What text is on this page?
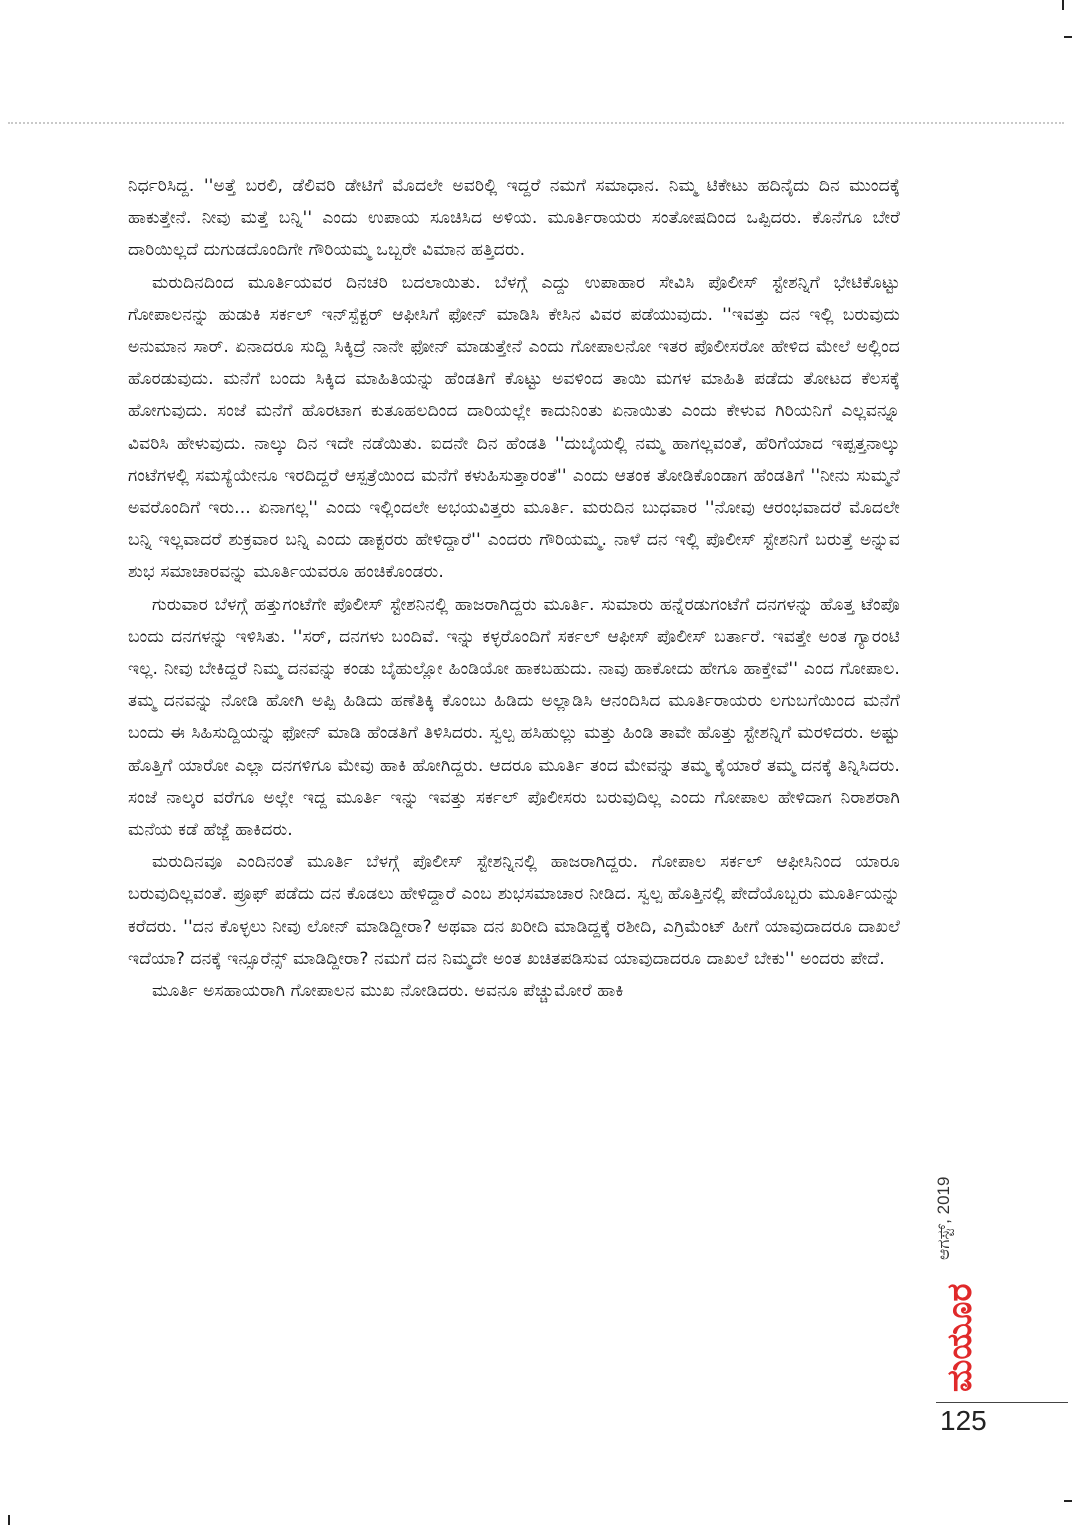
ನಿರ್ಧರಿಸಿದ್ದ. ''ಅತ್ತೆ ಬರಲಿ, ಡೆಲಿವರಿ ಡೇಟಿಗೆ ಮೊದಲೇ ಅವರಿಲ್ಲಿ ಇದ್ದರೆ ನಮಗೆ ಸಮಾಧಾನ. ನಿಮ್ಮ ಟಿಕೇಟು ಹದಿನೈದು ದಿನ ಮುಂದಕ್ಕೆ ಹಾಕುತ್ತೇನೆ. ನೀವು ಮತ್ತೆ ಬನ್ನಿ'' ಎಂದು ಉಪಾಯ ಸೂಚಿಸಿದ ಅಳಿಯ. ಮೂರ್ತಿರಾಯರು ಸಂತೋಷದಿಂದ ಒಪ್ಪಿದರು. ಕೊನೆಗೂ ಬೇರೆ ದಾರಿಯಿಲ್ಲದೆ ದುಗುಡದೊಂದಿಗೇ ಗೌರಿಯಮ್ಮ ಒಬ್ಬರೇ ವಿಮಾನ ಹತ್ತಿದರು.

ಮರುದಿನದಿಂದ ಮೂರ್ತಿಯವರ ದಿನಚರಿ ಬದಲಾಯಿತು. ಬೆಳಗ್ಗೆ ಎದ್ದು ಉಪಾಹಾರ ಸೇವಿಸಿ ಪೊಲೀಸ್ ಸ್ಟೇಶನ್ನಿಗೆ ಭೇಟಿಕೊಟ್ಟು ಗೋಪಾಲನನ್ನು ಹುಡುಕಿ ಸರ್ಕಲ್ ಇನ್‌ಸ್ಪೆಕ್ಟರ್ ಆಫೀಸಿಗೆ ಫೋನ್ ಮಾಡಿಸಿ ಕೇಸಿನ ವಿವರ ಪಡೆಯುವುದು. ''ಇವತ್ತು ದನ ಇಲ್ಲಿ ಬರುವುದು ಅನುಮಾನ ಸಾರ್. ಏನಾದರೂ ಸುದ್ದಿ ಸಿಕ್ಕಿದ್ರೆ ನಾನೇ ಫೋನ್ ಮಾಡುತ್ತೇನೆ ಎಂದು ಗೋಪಾಲನೋ ಇತರ ಪೊಲೀಸರೋ ಹೇಳಿದ ಮೇಲೆ ಅಲ್ಲಿಂದ ಹೊರಡುವುದು. ಮನೆಗೆ ಬಂದು ಸಿಕ್ಕಿದ ಮಾಹಿತಿಯನ್ನು ಹೆಂಡತಿಗೆ ಕೊಟ್ಟು ಅವಳಿಂದ ತಾಯಿ ಮಗಳ ಮಾಹಿತಿ ಪಡೆದು ತೋಟದ ಕೆಲಸಕ್ಕೆ ಹೋಗುವುದು. ಸಂಜೆ ಮನೆಗೆ ಹೊರಟಾಗ ಕುತೂಹಲದಿಂದ ದಾರಿಯಲ್ಲೇ ಕಾದುನಿಂತು ಏನಾಯಿತು ಎಂದು ಕೇಳುವ ಗಿರಿಯನಿಗೆ ಎಲ್ಲವನ್ನೂ ವಿವರಿಸಿ ಹೇಳುವುದು. ನಾಲ್ಕು ದಿನ ಇದೇ ನಡೆಯಿತು. ಐದನೇ ದಿನ ಹೆಂಡತಿ ''ದುಬೈಯಲ್ಲಿ ನಮ್ಮ ಹಾಗಲ್ಲವಂತೆ, ಹೆರಿಗೆಯಾದ ಇಪ್ಪತ್ತನಾಲ್ಕು ಗಂಟೆಗಳಲ್ಲಿ ಸಮಸ್ಯೆಯೇನೂ ಇರದಿದ್ದರೆ ಆಸ್ಪತ್ರೆಯಿಂದ ಮನೆಗೆ ಕಳುಹಿಸುತ್ತಾರಂತೆ'' ಎಂದು ಆತಂಕ ತೋಡಿಕೊಂಡಾಗ ಹೆಂಡತಿಗೆ ''ನೀನು ಸುಮ್ಮನೆ ಅವರೊಂದಿಗೆ ಇರು... ಏನಾಗಲ್ಲ'' ಎಂದು ಇಲ್ಲಿಂದಲೇ ಅಭಯವಿತ್ತರು ಮೂರ್ತಿ. ಮರುದಿನ ಬುಧವಾರ ''ನೋವು ಆರಂಭವಾದರೆ ಮೊದಲೇ ಬನ್ನಿ ಇಲ್ಲವಾದರೆ ಶುಕ್ರವಾರ ಬನ್ನಿ ಎಂದು ಡಾಕ್ಟರರು ಹೇಳಿದ್ದಾರೆ'' ಎಂದರು ಗೌರಿಯಮ್ಮ. ನಾಳೆ ದನ ಇಲ್ಲಿ ಪೊಲೀಸ್ ಸ್ಟೇಶನಿಗೆ ಬರುತ್ತೆ ಅನ್ನುವ ಶುಭ ಸಮಾಚಾರವನ್ನು ಮೂರ್ತಿಯವರೂ ಹಂಚಿಕೊಂಡರು.

ಗುರುವಾರ ಬೆಳಗ್ಗೆ ಹತ್ತುಗಂಟೆಗೇ ಪೊಲೀಸ್ ಸ್ಟೇಶನಿನಲ್ಲಿ ಹಾಜರಾಗಿದ್ದರು ಮೂರ್ತಿ. ಸುಮಾರು ಹನ್ನೆರಡುಗಂಟೆಗೆ ದನಗಳನ್ನು ಹೊತ್ತ ಟೆಂಪೊ ಬಂದು ದನಗಳನ್ನು ಇಳಿಸಿತು. ''ಸರ್, ದನಗಳು ಬಂದಿವೆ. ಇನ್ನು ಕಳ್ಳರೊಂದಿಗೆ ಸರ್ಕಲ್ ಆಫೀಸ್ ಪೊಲೀಸ್ ಬರ್ತಾರೆ. ಇವತ್ತೇ ಅಂತ ಗ್ಯಾರಂಟಿ ಇಲ್ಲ. ನೀವು ಬೇಕಿದ್ದರೆ ನಿಮ್ಮ ದನವನ್ನು ಕಂಡು ಬೈಹುಲ್ಲೋ ಹಿಂಡಿಯೋ ಹಾಕಬಹುದು. ನಾವು ಹಾಕೋದು ಹೇಗೂ ಹಾಕ್ತೇವೆ'' ಎಂದ ಗೋಪಾಲ. ತಮ್ಮ ದನವನ್ನು ನೋಡಿ ಹೋಗಿ ಅಪ್ಪಿ ಹಿಡಿದು ಹಣೆತಿಕ್ಕಿ ಕೊಂಬು ಹಿಡಿದು ಅಲ್ಲಾಡಿಸಿ ಆನಂದಿಸಿದ ಮೂರ್ತಿರಾಯರು ಲಗುಬಗೆಯಿಂದ ಮನೆಗೆ ಬಂದು ಈ ಸಿಹಿಸುದ್ದಿಯನ್ನು ಫೋನ್ ಮಾಡಿ ಹೆಂಡತಿಗೆ ತಿಳಿಸಿದರು. ಸ್ವಲ್ಪ ಹಸಿಹುಲ್ಲು ಮತ್ತು ಹಿಂಡಿ ತಾವೇ ಹೊತ್ತು ಸ್ಟೇಶನ್ನಿಗೆ ಮರಳಿದರು. ಅಷ್ಟು ಹೊತ್ತಿಗೆ ಯಾರೋ ಎಲ್ಲಾ ದನಗಳಿಗೂ ಮೇವು ಹಾಕಿ ಹೋಗಿದ್ದರು. ಆದರೂ ಮೂರ್ತಿ ತಂದ ಮೇವನ್ನು ತಮ್ಮ ಕೈಯಾರೆ ತಮ್ಮ ದನಕ್ಕೆ ತಿನ್ನಿಸಿದರು. ಸಂಜೆ ನಾಲ್ಕರ ವರೆಗೂ ಅಲ್ಲೇ ಇದ್ದ ಮೂರ್ತಿ ಇನ್ನು ಇವತ್ತು ಸರ್ಕಲ್ ಪೊಲೀಸರು ಬರುವುದಿಲ್ಲ ಎಂದು ಗೋಪಾಲ ಹೇಳಿದಾಗ ನಿರಾಶರಾಗಿ ಮನೆಯ ಕಡೆ ಹೆಜ್ಜೆ ಹಾಕಿದರು.

ಮರುದಿನವೂ ಎಂದಿನಂತೆ ಮೂರ್ತಿ ಬೆಳಗ್ಗೆ ಪೊಲೀಸ್ ಸ್ಟೇಶನ್ನಿನಲ್ಲಿ ಹಾಜರಾಗಿದ್ದರು. ಗೋಪಾಲ ಸರ್ಕಲ್ ಆಫೀಸಿನಿಂದ ಯಾರೂ ಬರುವುದಿಲ್ಲವಂತೆ. ಪ್ರೂಫ್ ಪಡೆದು ದನ ಕೊಡಲು ಹೇಳಿದ್ದಾರೆ ಎಂಬ ಶುಭಸಮಾಚಾರ ನೀಡಿದ. ಸ್ವಲ್ಪ ಹೊತ್ತಿನಲ್ಲಿ ಪೇದೆಯೊಬ್ಬರು ಮೂರ್ತಿಯನ್ನು ಕರೆದರು. ''ದನ ಕೊಳ್ಳಲು ನೀವು ಲೋನ್ ಮಾಡಿದ್ದೀರಾ? ಅಥವಾ ದನ ಖರೀದಿ ಮಾಡಿದ್ದಕ್ಕೆ ರಶೀದಿ, ಎಗ್ರಿಮೆಂಟ್ ಹೀಗೆ ಯಾವುದಾದರೂ ದಾಖಲೆ ಇದೆಯಾ? ದನಕ್ಕೆ ಇನ್ಸೂರೆನ್ಸ್ ಮಾಡಿದ್ದೀರಾ? ನಮಗೆ ದನ ನಿಮ್ಮದೇ ಅಂತ ಖಚಿತಪಡಿಸುವ ಯಾವುದಾದರೂ ದಾಖಲೆ ಬೇಕು'' ಅಂದರು ಪೇದೆ.

ಮೂರ್ತಿ ಅಸಹಾಯರಾಗಿ ಗೋಪಾಲನ ಮುಖ ನೋಡಿದರು. ಅವನೂ ಪೆಚ್ಚುಮೋರೆ ಹಾಕಿ

ಆಗಸ್ಟ್, 2019
ಮಯೂರ
125
